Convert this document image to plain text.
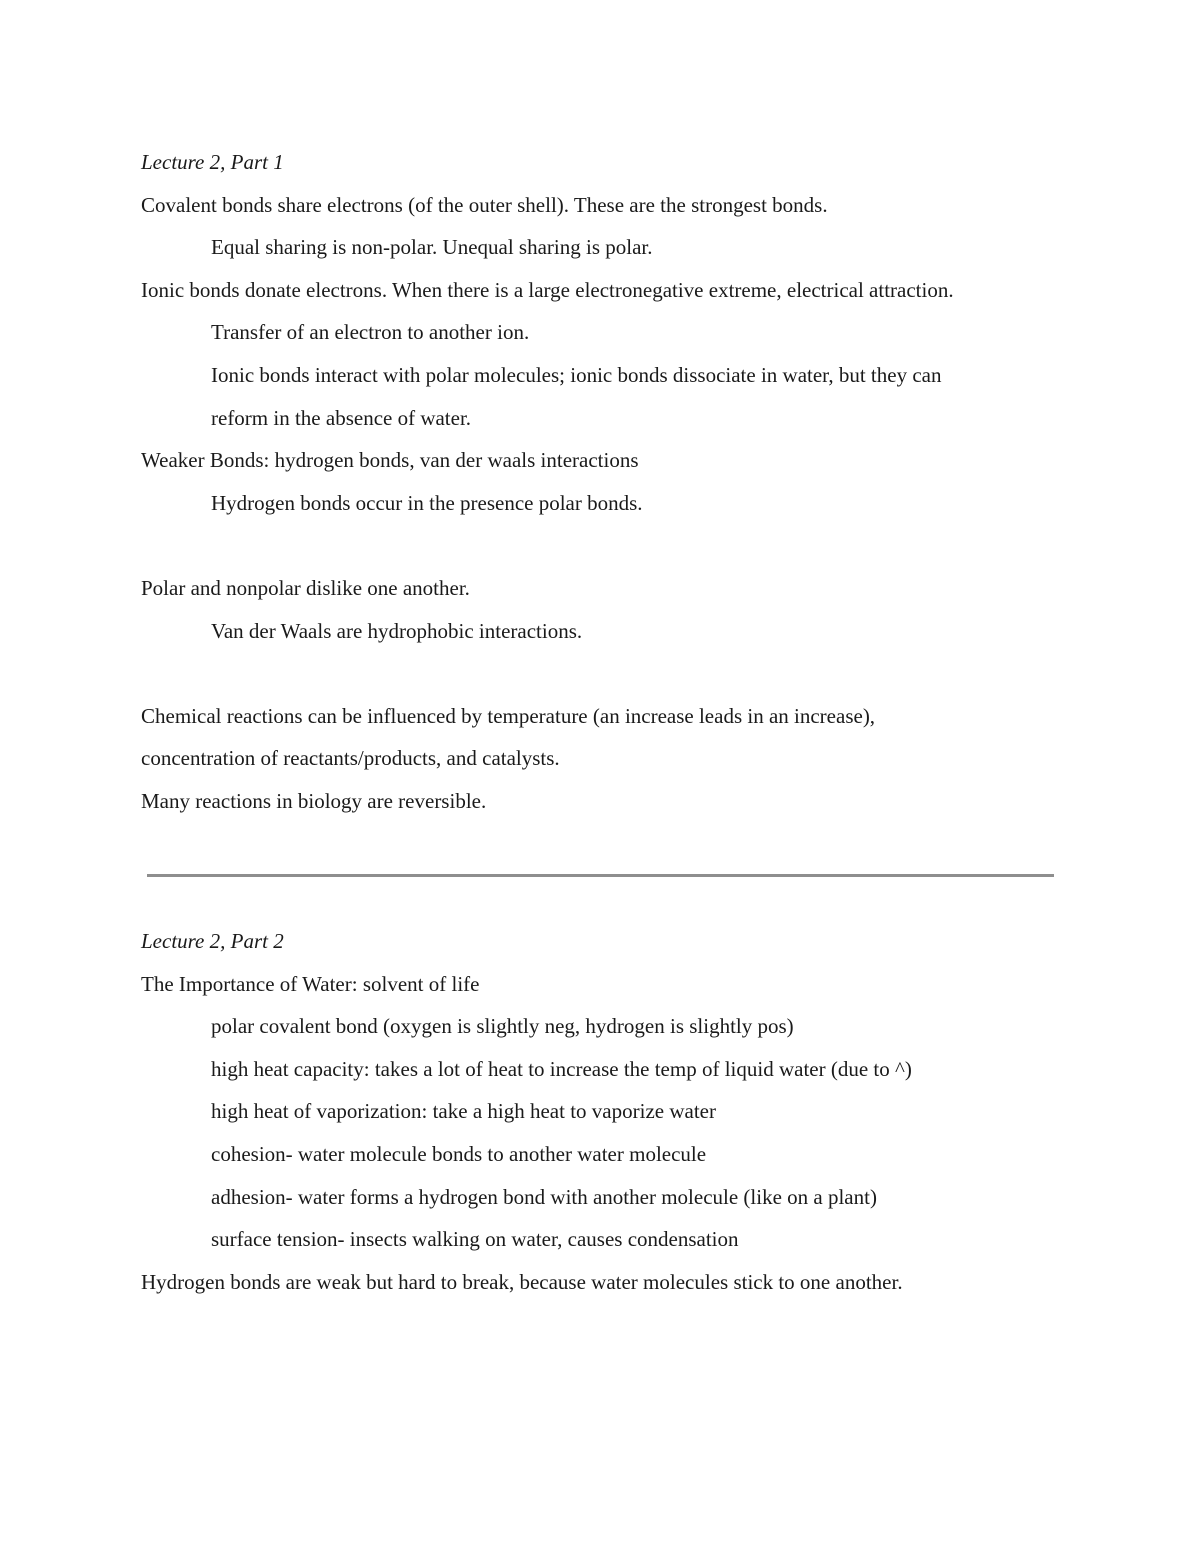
Lecture 2, Part 1
Covalent bonds share electrons (of the outer shell). These are the strongest bonds.
Equal sharing is non-polar. Unequal sharing is polar.
Ionic bonds donate electrons. When there is a large electronegative extreme, electrical attraction.
Transfer of an electron to another ion.
Ionic bonds interact with polar molecules; ionic bonds dissociate in water, but they can
reform in the absence of water.
Weaker Bonds: hydrogen bonds, van der waals interactions
Hydrogen bonds occur in the presence polar bonds.
Polar and nonpolar dislike one another.
Van der Waals are hydrophobic interactions.
Chemical reactions can be influenced by temperature (an increase leads in an increase),
concentration of reactants/products, and catalysts.
Many reactions in biology are reversible.
Lecture 2, Part 2
The Importance of Water: solvent of life
polar covalent bond (oxygen is slightly neg, hydrogen is slightly pos)
high heat capacity: takes a lot of heat to increase the temp of liquid water (due to ^)
high heat of vaporization: take a high heat to vaporize water
cohesion- water molecule bonds to another water molecule
adhesion- water forms a hydrogen bond with another molecule (like on a plant)
surface tension- insects walking on water, causes condensation
Hydrogen bonds are weak but hard to break, because water molecules stick to one another.
